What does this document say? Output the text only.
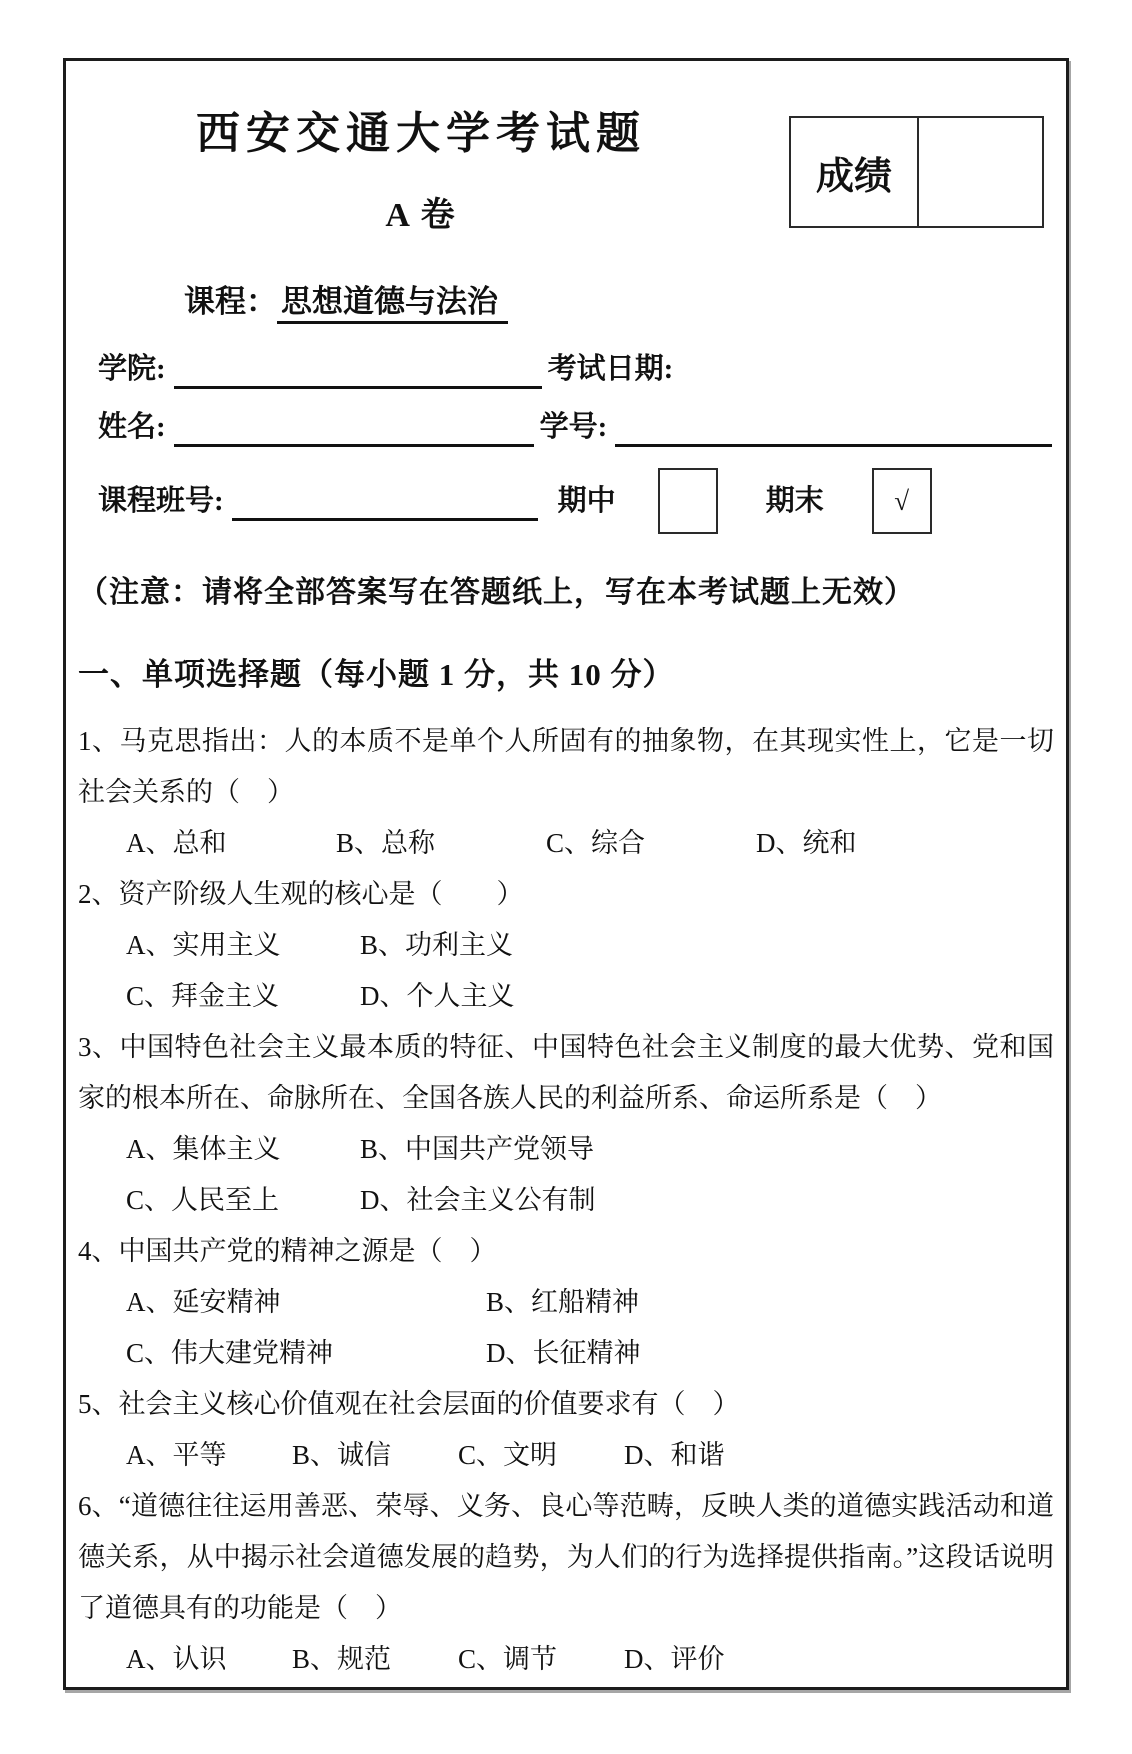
西安交通大学考试题
A 卷
成绩
课程： 思想道德与法治
学院:	考试日期:
姓名:	学号:
课程班号:	期中	期末	√
（注意：请将全部答案写在答题纸上，写在本考试题上无效）
一、单项选择题（每小题 1 分，共 10 分）

1、马克思指出：人的本质不是单个人所固有的抽象物，在其现实性上，它是一切社会关系的（　）

A、总和	B、总称	C、综合	D、统和

2、资产阶级人生观的核心是（　　）

A、实用主义	B、功利主义
C、拜金主义	D、个人主义

3、中国特色社会主义最本质的特征、中国特色社会主义制度的最大优势、党和国家的根本所在、命脉所在、全国各族人民的利益所系、命运所系是（　）

A、集体主义	B、中国共产党领导
C、人民至上	D、社会主义公有制

4、中国共产党的精神之源是（　）

A、延安精神	B、红船精神
C、伟大建党精神	D、长征精神

5、社会主义核心价值观在社会层面的价值要求有（　）

A、平等	B、诚信	C、文明	D、和谐

6、“道德往往运用善恶、荣辱、义务、良心等范畴，反映人类的道德实践活动和道德关系，从中揭示社会道德发展的趋势，为人们的行为选择提供指南。”这段话说明了道德具有的功能是（　）

A、认识	B、规范	C、调节	D、评价
